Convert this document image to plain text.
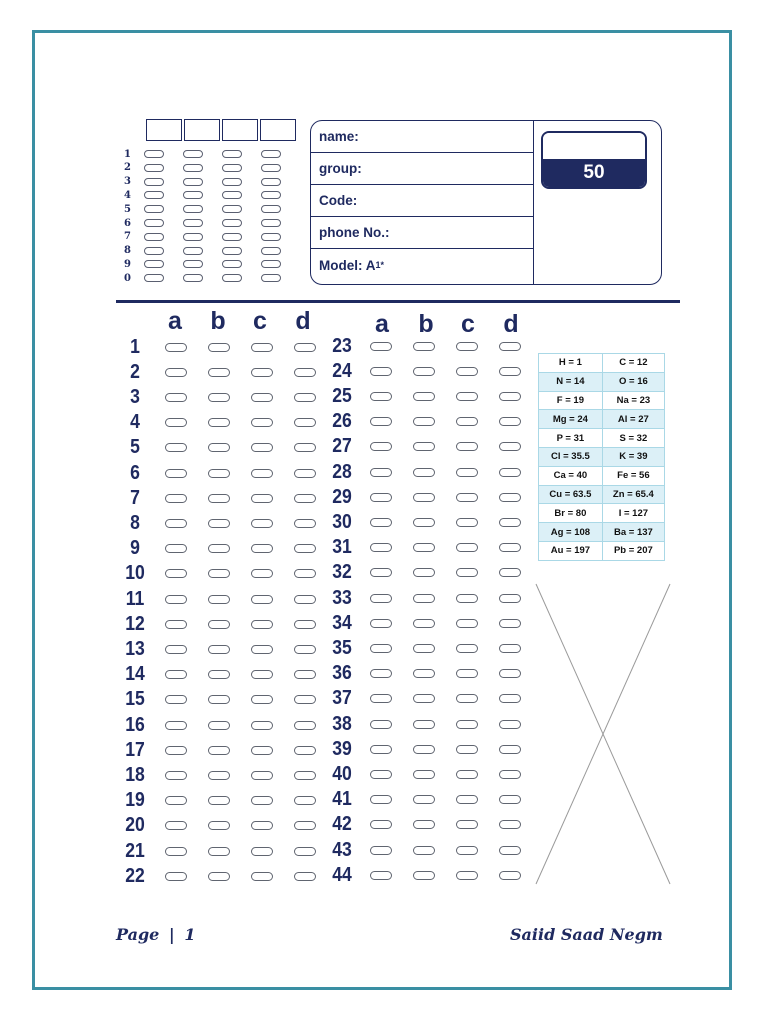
1
2
3
4
5
6
7
8
9
0
name:
group:
Code:
phone No.:
Model: A 1 *
50
a	b	c	d	a	b	c	d
1
2
3
4
5
6
7
8
9
10
11
12
13
14
15
16
17
18
19
20
21
22
23
24
25
26
27
28
29
30
31
32
33
34
35
36
37
38
39
40
41
42
43
44
H = 1	C = 12
N = 14	O = 16
F = 19	Na = 23
Mg = 24	Al = 27
P = 31	S = 32
Cl = 35.5	K = 39
Ca = 40	Fe = 56
Cu = 63.5	Zn = 65.4
Br = 80	I = 127
Ag = 108	Ba = 137
Au = 197	Pb = 207
Page | 1	Saiid Saad Negm
